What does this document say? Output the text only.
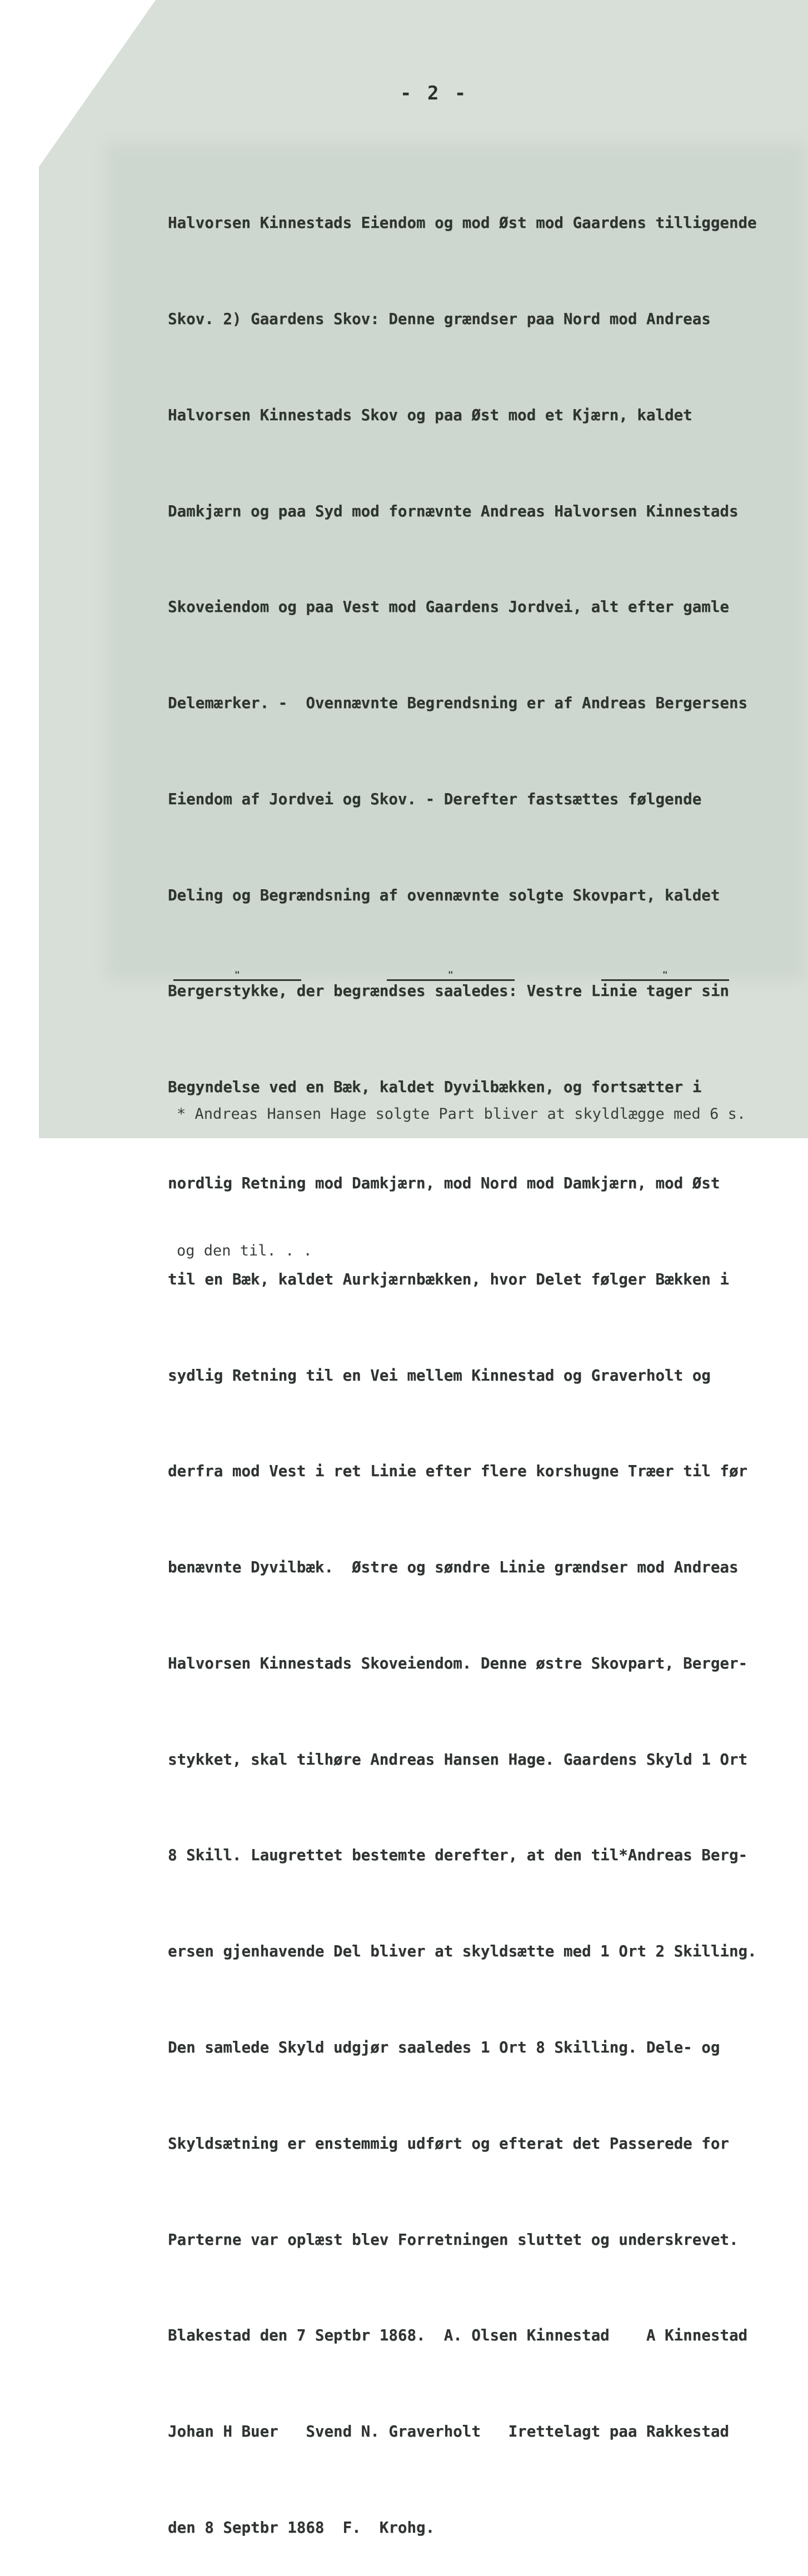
- 2 -

Halvorsen Kinnestads Eiendom og mod Øst mod Gaardens tilliggende

Skov. 2) Gaardens Skov: Denne grændser paa Nord mod Andreas

Halvorsen Kinnestads Skov og paa Øst mod et Kjærn, kaldet

Damkjærn og paa Syd mod fornævnte Andreas Halvorsen Kinnestads

Skoveiendom og paa Vest mod Gaardens Jordvei, alt efter gamle

Delemærker. -  Ovennævnte Begrendsning er af Andreas Bergersens

Eiendom af Jordvei og Skov. - Derefter fastsættes følgende

Deling og Begrændsning af ovennævnte solgte Skovpart, kaldet

Bergerstykke, der begrændses saaledes: Vestre Linie tager sin

Begyndelse ved en Bæk, kaldet Dyvilbækken, og fortsætter i

nordlig Retning mod Damkjærn, mod Nord mod Damkjærn, mod Øst

til en Bæk, kaldet Aurkjærnbækken, hvor Delet følger Bækken i

sydlig Retning til en Vei mellem Kinnestad og Graverholt og

derfra mod Vest i ret Linie efter flere korshugne Træer til før

benævnte Dyvilbæk.  Østre og søndre Linie grændser mod Andreas

Halvorsen Kinnestads Skoveiendom. Denne østre Skovpart, Berger-

stykket, skal tilhøre Andreas Hansen Hage. Gaardens Skyld 1 Ort

8 Skill. Laugrettet bestemte derefter, at den til*Andreas Berg-

ersen gjenhavende Del bliver at skyldsætte med 1 Ort 2 Skilling.

Den samlede Skyld udgjør saaledes 1 Ort 8 Skilling. Dele- og

Skyldsætning er enstemmig udført og efterat det Passerede for

Parterne var oplæst blev Forretningen sluttet og underskrevet.

Blakestad den 7 Septbr 1868.  A. Olsen Kinnestad    A Kinnestad

Johan H Buer   Svend N. Graverholt   Irettelagt paa Rakkestad

den 8 Septbr 1868  F.  Krohg.

"	"	"

* Andreas Hansen Hage solgte Part bliver at skyldlægge med 6 s.

og den til. . .
